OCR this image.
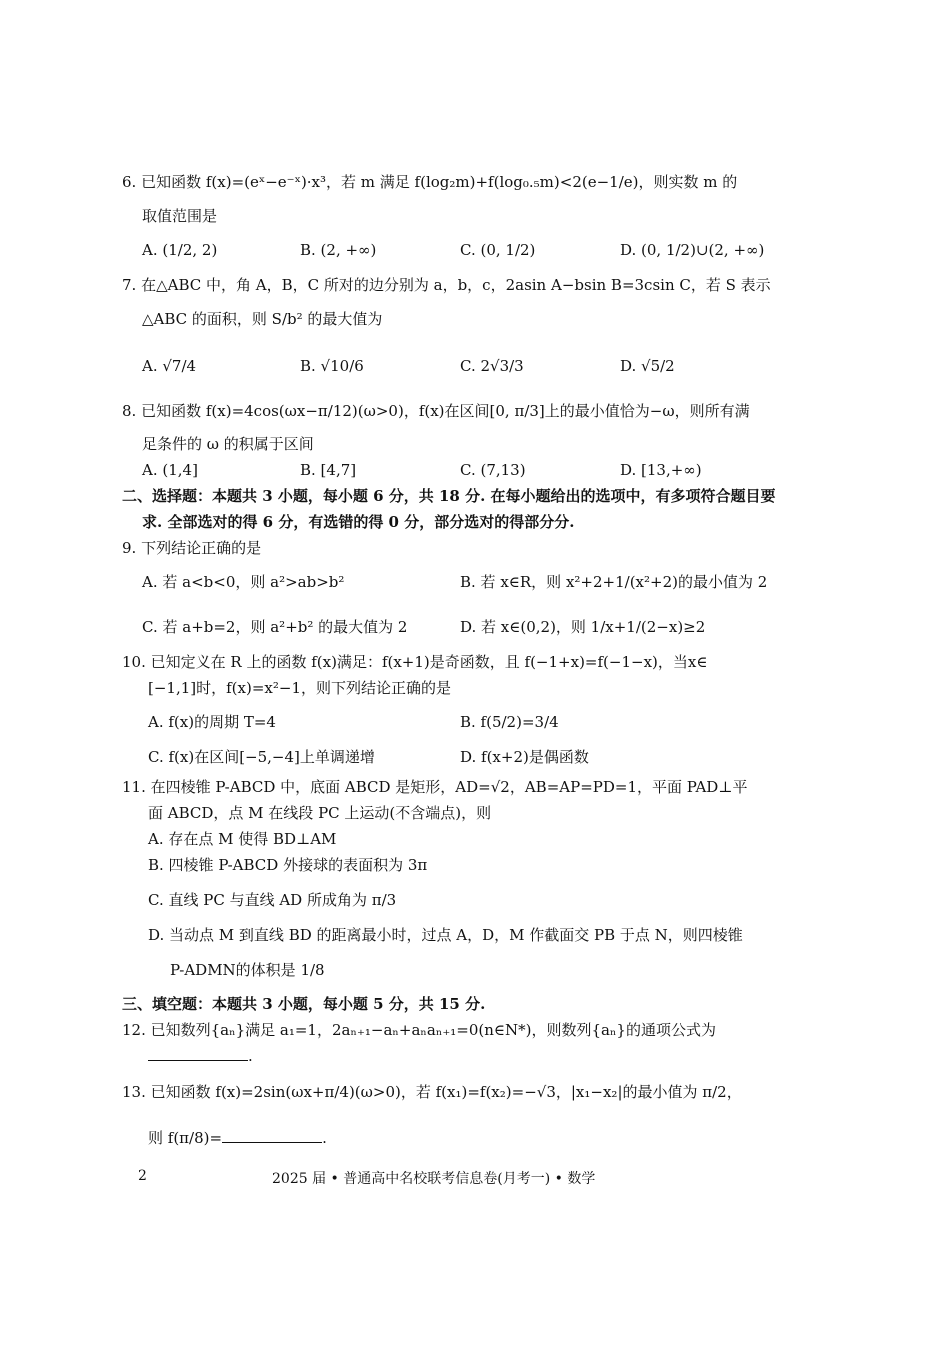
6. 已知函数 f(x)=(eˣ−e⁻ˣ)·x³，若 m 满足 f(log₂m)+f(log₀.₅m)<2(e−1/e)，则实数 m 的
取值范围是
A. (1/2, 2)	B. (2, +∞)	C. (0, 1/2)	D. (0, 1/2)∪(2, +∞)
7. 在△ABC 中，角 A，B，C 所对的边分别为 a，b，c，2asin A−bsin B=3csin C，若 S 表示
△ABC 的面积，则 S/b² 的最大值为
A. √7/4	B. √10/6	C. 2√3/3	D. √5/2
8. 已知函数 f(x)=4cos(ωx−π/12)(ω>0)，f(x)在区间[0, π/3]上的最小值恰为−ω，则所有满
足条件的 ω 的积属于区间
A. (1,4]	B. [4,7]	C. (7,13)	D. [13,+∞)
二、选择题：本题共 3 小题，每小题 6 分，共 18 分. 在每小题给出的选项中，有多项符合题目要
求. 全部选对的得 6 分，有选错的得 0 分，部分选对的得部分分.
9. 下列结论正确的是
A. 若 a<b<0，则 a²>ab>b²	B. 若 x∈R，则 x²+2+1/(x²+2)的最小值为 2
C. 若 a+b=2，则 a²+b² 的最大值为 2	D. 若 x∈(0,2)，则 1/x+1/(2−x)≥2
10. 已知定义在 R 上的函数 f(x)满足：f(x+1)是奇函数，且 f(−1+x)=f(−1−x)，当x∈
[−1,1]时，f(x)=x²−1，则下列结论正确的是
A. f(x)的周期 T=4	B. f(5/2)=3/4
C. f(x)在区间[−5,−4]上单调递增	D. f(x+2)是偶函数
11. 在四棱锥 P-ABCD 中，底面 ABCD 是矩形，AD=√2，AB=AP=PD=1，平面 PAD⊥平
面 ABCD，点 M 在线段 PC 上运动(不含端点)，则
A. 存在点 M 使得 BD⊥AM
B. 四棱锥 P-ABCD 外接球的表面积为 3π
C. 直线 PC 与直线 AD 所成角为 π/3
D. 当动点 M 到直线 BD 的距离最小时，过点 A，D，M 作截面交 PB 于点 N，则四棱锥
P-ADMN的体积是 1/8
三、填空题：本题共 3 小题，每小题 5 分，共 15 分.
12. 已知数列{aₙ}满足 a₁=1，2aₙ₊₁−aₙ+aₙaₙ₊₁=0(n∈N*)，则数列{aₙ}的通项公式为
.
13. 已知函数 f(x)=2sin(ωx+π/4)(ω>0)，若 f(x₁)=f(x₂)=−√3，|x₁−x₂|的最小值为 π/2，
则 f(π/8)=	.
2	2025 届 • 普通高中名校联考信息卷(月考一) • 数学
